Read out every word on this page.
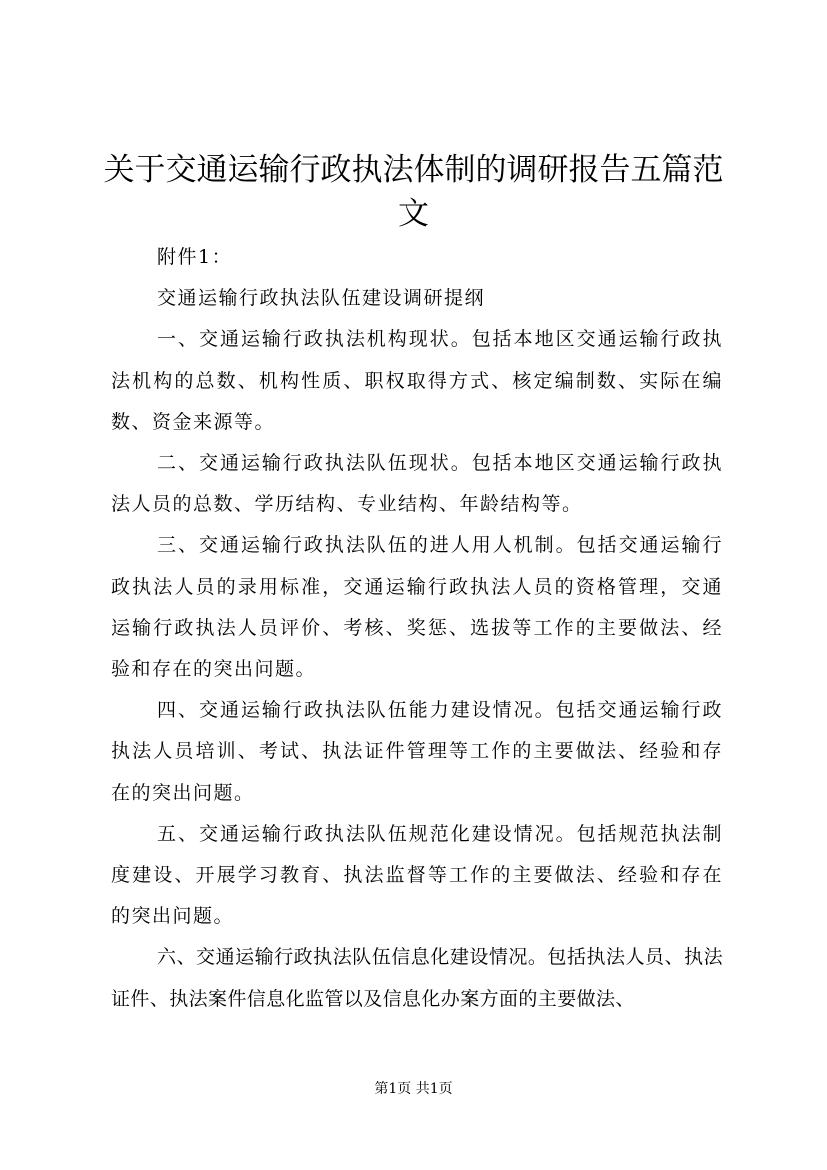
关于交通运输行政执法体制的调研报告五篇范文

附件1：

交通运输行政执法队伍建设调研提纲

一、交通运输行政执法机构现状。包括本地区交通运输行政执法机构的总数、机构性质、职权取得方式、核定编制数、实际在编数、资金来源等。

二、交通运输行政执法队伍现状。包括本地区交通运输行政执法人员的总数、学历结构、专业结构、年龄结构等。

三、交通运输行政执法队伍的进人用人机制。包括交通运输行政执法人员的录用标准，交通运输行政执法人员的资格管理，交通运输行政执法人员评价、考核、奖惩、选拔等工作的主要做法、经验和存在的突出问题。

四、交通运输行政执法队伍能力建设情况。包括交通运输行政执法人员培训、考试、执法证件管理等工作的主要做法、经验和存在的突出问题。

五、交通运输行政执法队伍规范化建设情况。包括规范执法制度建设、开展学习教育、执法监督等工作的主要做法、经验和存在的突出问题。

六、交通运输行政执法队伍信息化建设情况。包括执法人员、执法证件、执法案件信息化监管以及信息化办案方面的主要做法、

第1页 共1页
